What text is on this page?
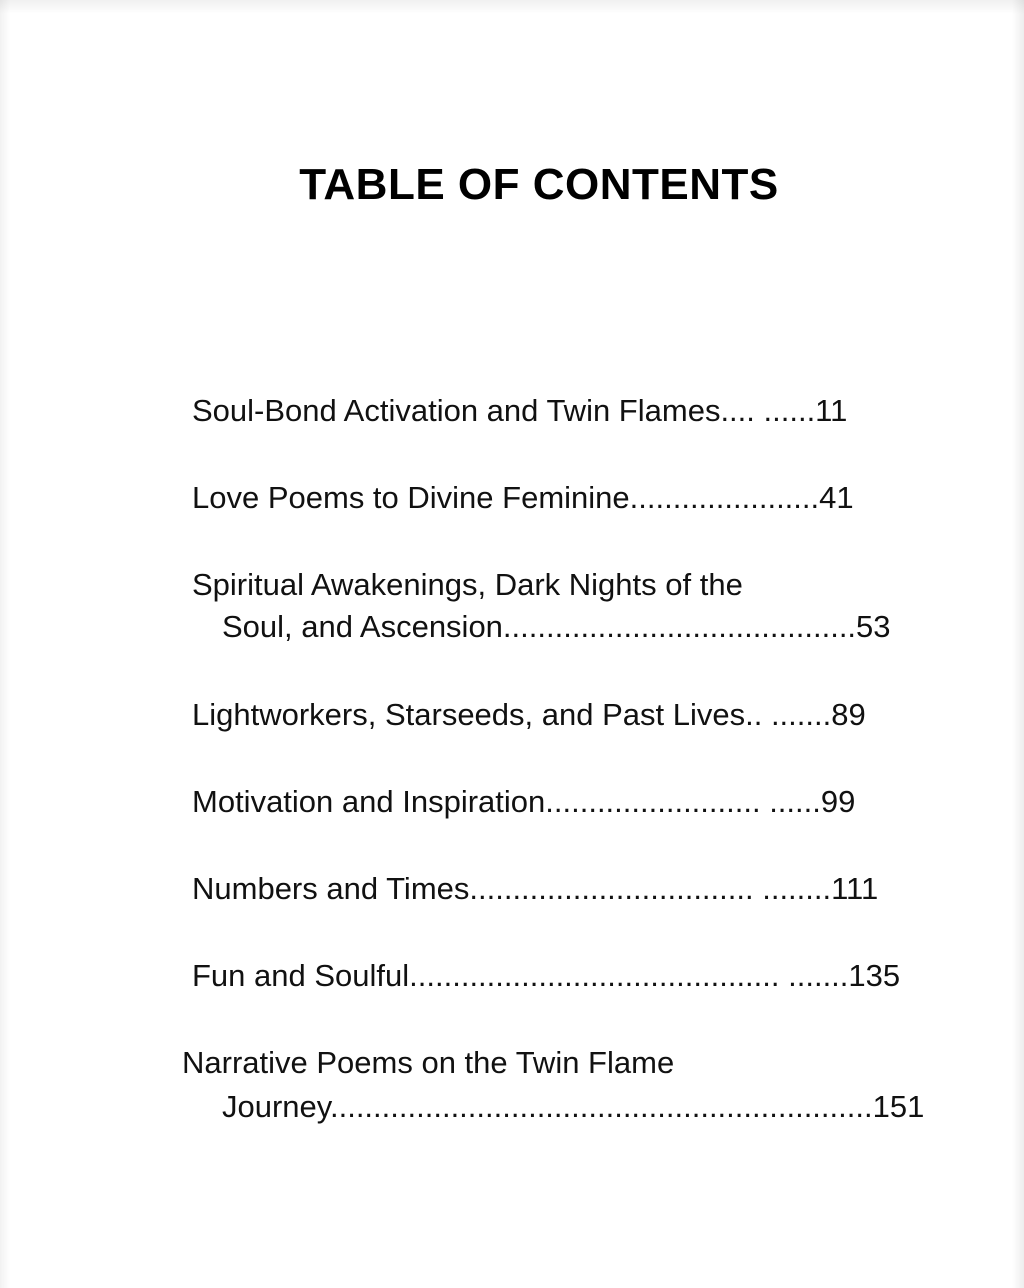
TABLE OF CONTENTS
Soul-Bond Activation and Twin Flames.... ......11
Love Poems to Divine Feminine......................41
Spiritual Awakenings, Dark Nights of the
Soul, and Ascension.........................................53
Lightworkers, Starseeds, and Past Lives.. .......89
Motivation and Inspiration......................... ......99
Numbers and Times................................. ........111
Fun and Soulful........................................... .......135
Narrative Poems on the Twin Flame
Journey...............................................................151
